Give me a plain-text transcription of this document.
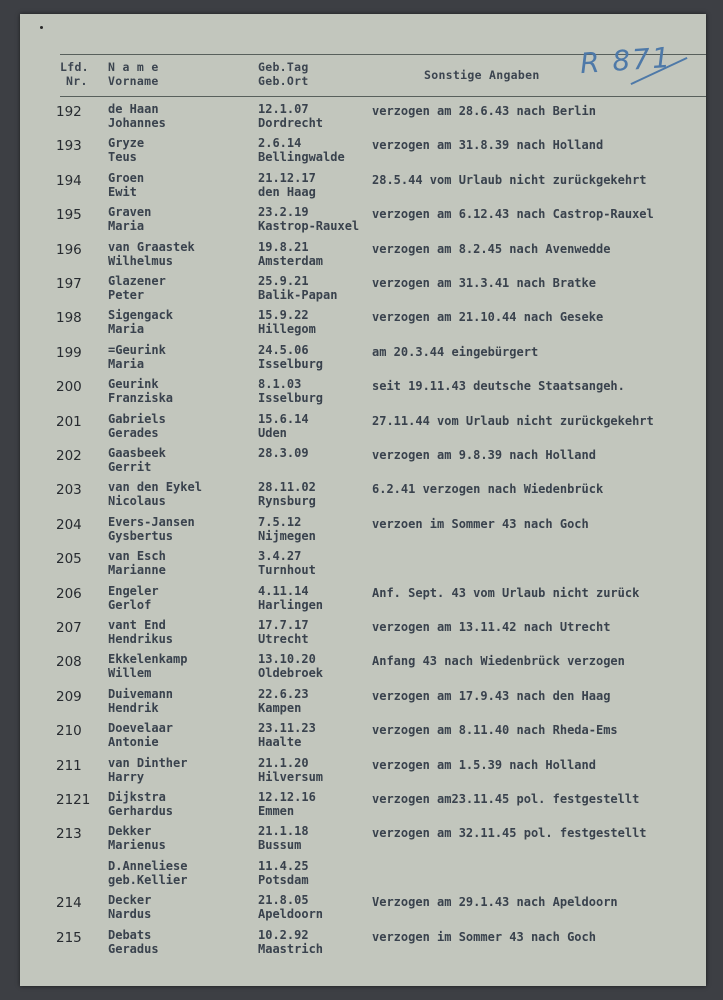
Lfd.
Nr.
N a m e
Vorname
Geb.Tag
Geb.Ort	Sonstige Angaben R 871
192 de Haan
Johannes
12.1.07
Dordrecht
verzogen am 28.6.43 nach Berlin
193 Gryze
Teus
2.6.14
Bellingwalde
verzogen am 31.8.39 nach Holland
194 Groen
Ewit
21.12.17
den Haag
28.5.44 vom Urlaub nicht zurückgekehrt
195 Graven
Maria
23.2.19
Kastrop-Rauxel
verzogen am 6.12.43 nach Castrop-Rauxel
196 van Graastek
Wilhelmus
19.8.21
Amsterdam
verzogen am 8.2.45 nach Avenwedde
197 Glazener
Peter
25.9.21
Balik-Papan
verzogen am 31.3.41 nach Bratke
198 Sigengack
Maria
15.9.22
Hillegom
verzogen am 21.10.44 nach Geseke
199 =Geurink
Maria
24.5.06
Isselburg
am 20.3.44 eingebürgert
200 Geurink
Franziska
8.1.03
Isselburg
seit 19.11.43 deutsche Staatsangeh.
201 Gabriels
Gerades
15.6.14
Uden
27.11.44 vom Urlaub nicht zurückgekehrt
202 Gaasbeek
Gerrit
28.3.09	verzogen am 9.8.39 nach Holland
203 van den Eykel
Nicolaus
28.11.02
Rynsburg
6.2.41 verzogen nach Wiedenbrück
204 Evers-Jansen
Gysbertus
7.5.12
Nijmegen
verzoen im Sommer 43 nach Goch
205 van Esch
Marianne
3.4.27
Turnhout
206 Engeler
Gerlof
4.11.14
Harlingen
Anf. Sept. 43 vom Urlaub nicht zurück
207 vant End
Hendrikus
17.7.17
Utrecht
verzogen am 13.11.42 nach Utrecht
208 Ekkelenkamp
Willem
13.10.20
Oldebroek
Anfang 43 nach Wiedenbrück verzogen
209 Duivemann
Hendrik
22.6.23
Kampen
verzogen am 17.9.43 nach den Haag
210 Doevelaar
Antonie
23.11.23
Haalte
verzogen am 8.11.40 nach Rheda-Ems
211 van Dinther
Harry
21.1.20
Hilversum
verzogen am 1.5.39 nach Holland
2121 Dijkstra
Gerhardus
12.12.16
Emmen
verzogen am23.11.45 pol. festgestellt
213 Dekker
Marienus
21.1.18
Bussum
verzogen am 32.11.45 pol. festgestellt
D.Anneliese
geb.Kellier
11.4.25
Potsdam
214 Decker
Nardus
21.8.05
Apeldoorn
Verzogen am 29.1.43 nach Apeldoorn
215 Debats
Geradus
10.2.92
Maastrich
verzogen im Sommer 43 nach Goch
